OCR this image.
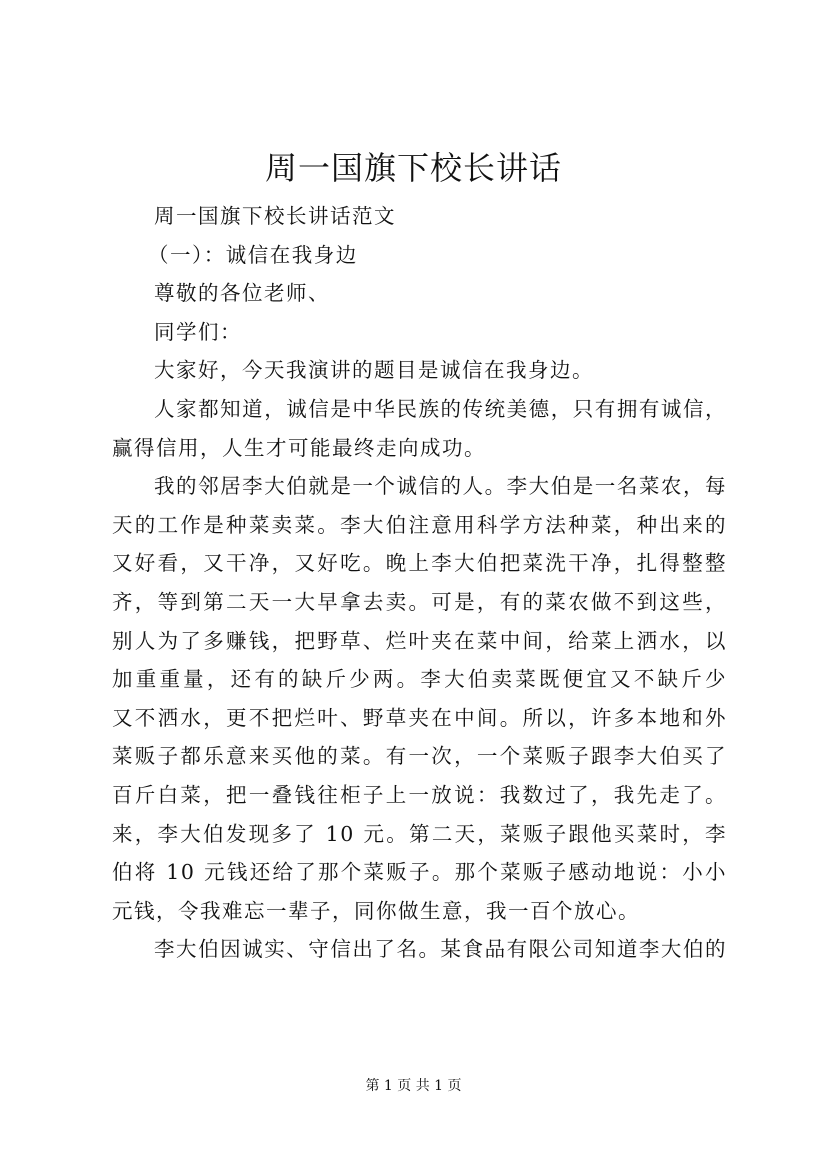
周一国旗下校长讲话

周一国旗下校长讲话范文

（一）：诚信在我身边

尊敬的各位老师、

同学们：

大家好，今天我演讲的题目是诚信在我身边。

人家都知道，诚信是中华民族的传统美德，只有拥有诚信，

赢得信用，人生才可能最终走向成功。

我的邻居李大伯就是一个诚信的人。李大伯是一名菜农，每

天的工作是种菜卖菜。李大伯注意用科学方法种菜，种出来的

又好看，又干净，又好吃。晚上李大伯把菜洗干净，扎得整整

齐，等到第二天一大早拿去卖。可是，有的菜农做不到这些，

别人为了多赚钱，把野草、烂叶夹在菜中间，给菜上洒水，以

加重重量，还有的缺斤少两。李大伯卖菜既便宜又不缺斤少

又不洒水，更不把烂叶、野草夹在中间。所以，许多本地和外

菜贩子都乐意来买他的菜。有一次，一个菜贩子跟李大伯买了

百斤白菜，把一叠钱往柜子上一放说：我数过了，我先走了。

来，李大伯发现多了 10 元。第二天，菜贩子跟他买菜时，李

伯将 10 元钱还给了那个菜贩子。那个菜贩子感动地说：小小

元钱，令我难忘一辈子，同你做生意，我一百个放心。

李大伯因诚实、守信出了名。某食品有限公司知道李大伯的

第 1 页 共 1 页
